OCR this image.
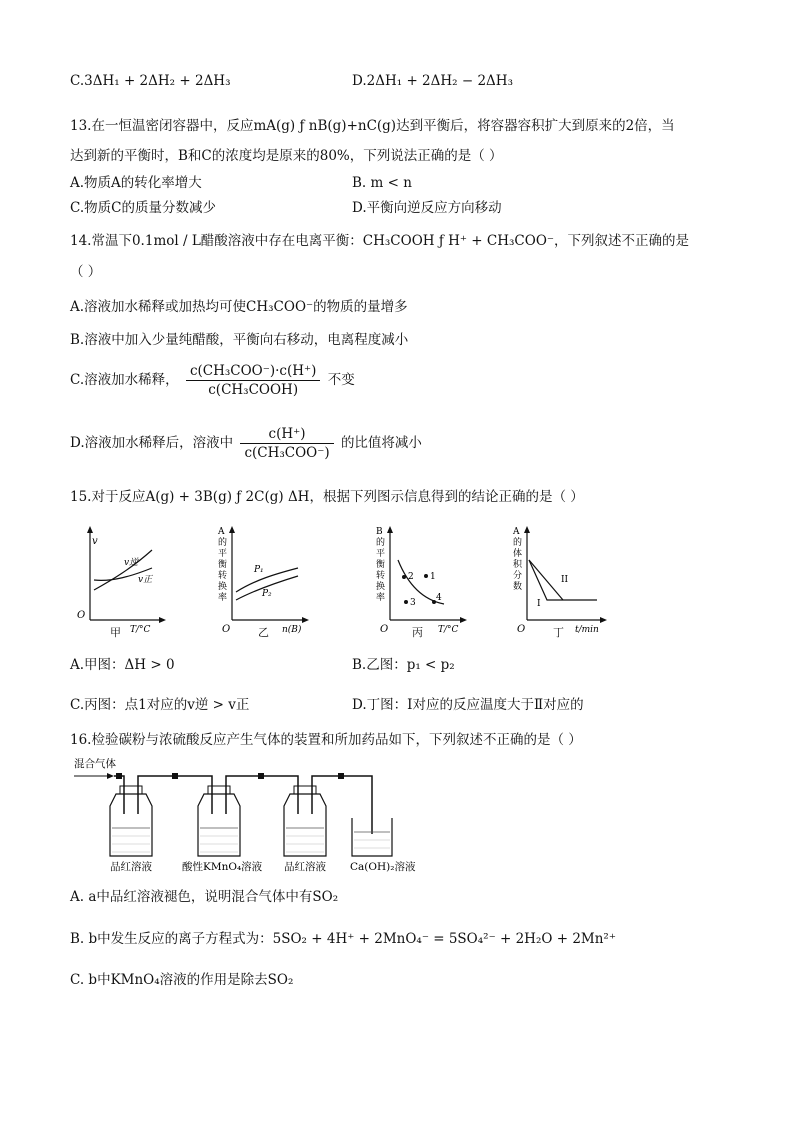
C.3ΔH₁ + 2ΔH₂ + 2ΔH₃	D.2ΔH₁ + 2ΔH₂ − 2ΔH₃
13.在一恒温密闭容器中，反应mA(g) ƒ nB(g)+nC(g)达到平衡后，将容器容积扩大到原来的2倍，当
达到新的平衡时，B和C的浓度均是原来的80%，下列说法正确的是（ ）
A.物质A的转化率增大	B. m < n
C.物质C的质量分数减少	D.平衡向逆反应方向移动
14.常温下0.1mol / L醋酸溶液中存在电离平衡：CH₃COOH ƒ H⁺ + CH₃COO⁻，下列叙述不正确的是
（ ）
A.溶液加水稀释或加热均可使CH₃COO⁻的物质的量增多
B.溶液中加入少量纯醋酸，平衡向右移动，电离程度减小
C.溶液加水稀释， $\frac{\text{c(CH₃COO⁻)·c(H⁺)}}{\text{c(CH₃COOH)}}$ 不变
D.溶液加水稀释后，溶液中 $\frac{c(H^+)}{\text{c(CH₃COO⁻)}}$ 的比值将减小
15.对于反应A(g) + 3B(g) ƒ 2C(g) ΔH，根据下列图示信息得到的结论正确的是（ ）
v
v逆
v正
O
T/°C
甲
A
的
平
衡
转
换
率
P₁
P₂
O	n(B)
乙
B
的
平
衡
转
换
率
2 1
3 4
O	T/°C
丙
A
的
体
积
分
数
I
II
O	t/min
丁
A.甲图：ΔH > 0	B.乙图：p₁ < p₂
C.丙图：点1对应的v逆 > v正	D.丁图：I对应的反应温度大于Ⅱ对应的
16.检验碳粉与浓硫酸反应产生气体的装置和所加药品如下，下列叙述不正确的是（ ）
混合气体
品红溶液	酸性KMnO₄溶液 品红溶液 Ca(OH)₂溶液
A. a中品红溶液褪色，说明混合气体中有SO₂
B. b中发生反应的离子方程式为：5SO₂ + 4H⁺ + 2MnO₄⁻ = 5SO₄²⁻ + 2H₂O + 2Mn²⁺
C. b中KMnO₄溶液的作用是除去SO₂
